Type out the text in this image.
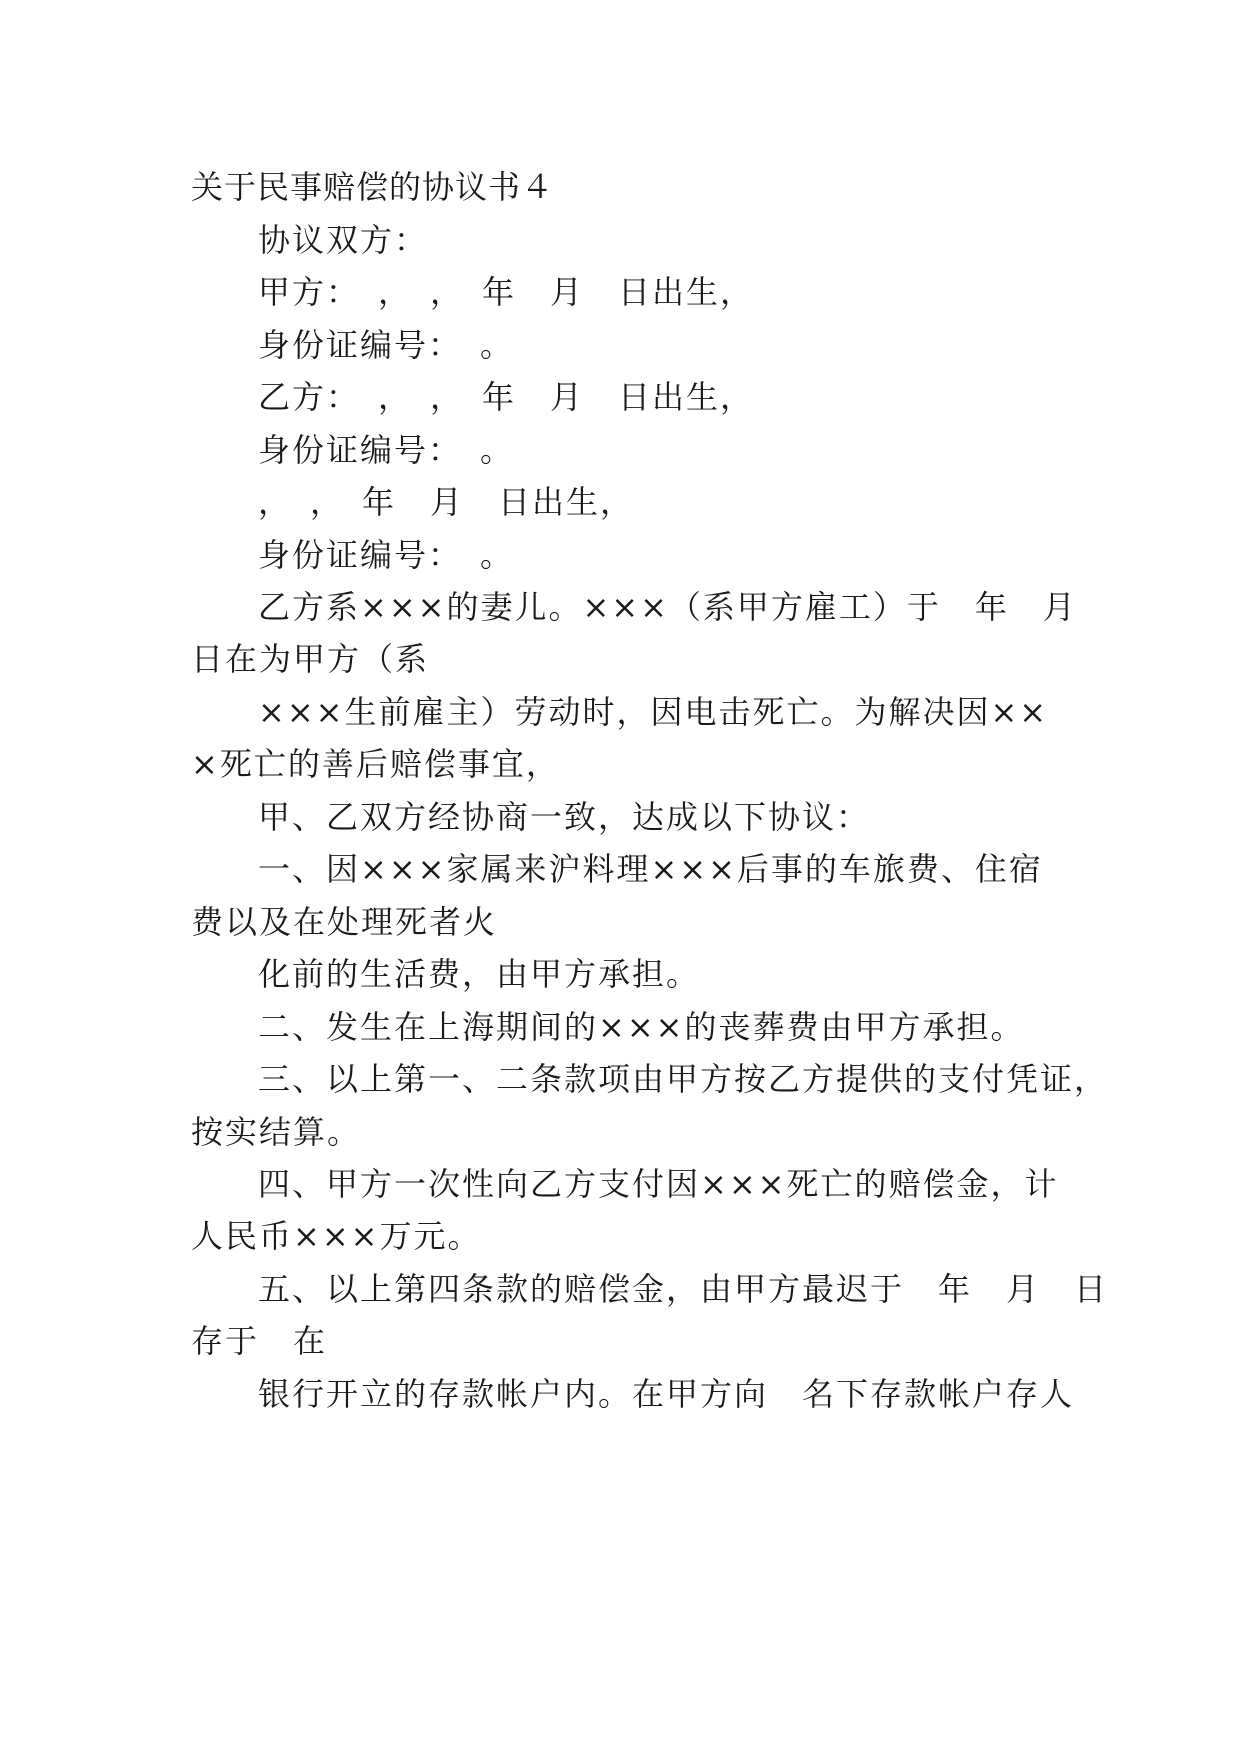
关于民事赔偿的协议书４
协议双方：
甲方：　，　，　年　月　日出生，
身份证编号：　。
乙方：　，　，　年　月　日出生，
身份证编号：　。
，　，　年　月　日出生，
身份证编号：　。
乙方系×××的妻儿。×××（系甲方雇工）于　年　月
日在为甲方（系
×××生前雇主）劳动时，因电击死亡。为解决因××
×死亡的善后赔偿事宜，
甲、乙双方经协商一致，达成以下协议：
一、因×××家属来沪料理×××后事的车旅费、住宿
费以及在处理死者火
化前的生活费，由甲方承担。
二、发生在上海期间的×××的丧葬费由甲方承担。
三、以上第一、二条款项由甲方按乙方提供的支付凭证，
按实结算。
四、甲方一次性向乙方支付因×××死亡的赔偿金，计
人民币×××万元。
五、以上第四条款的赔偿金，由甲方最迟于　年　月　日
存于　在
银行开立的存款帐户内。在甲方向　名下存款帐户存人
